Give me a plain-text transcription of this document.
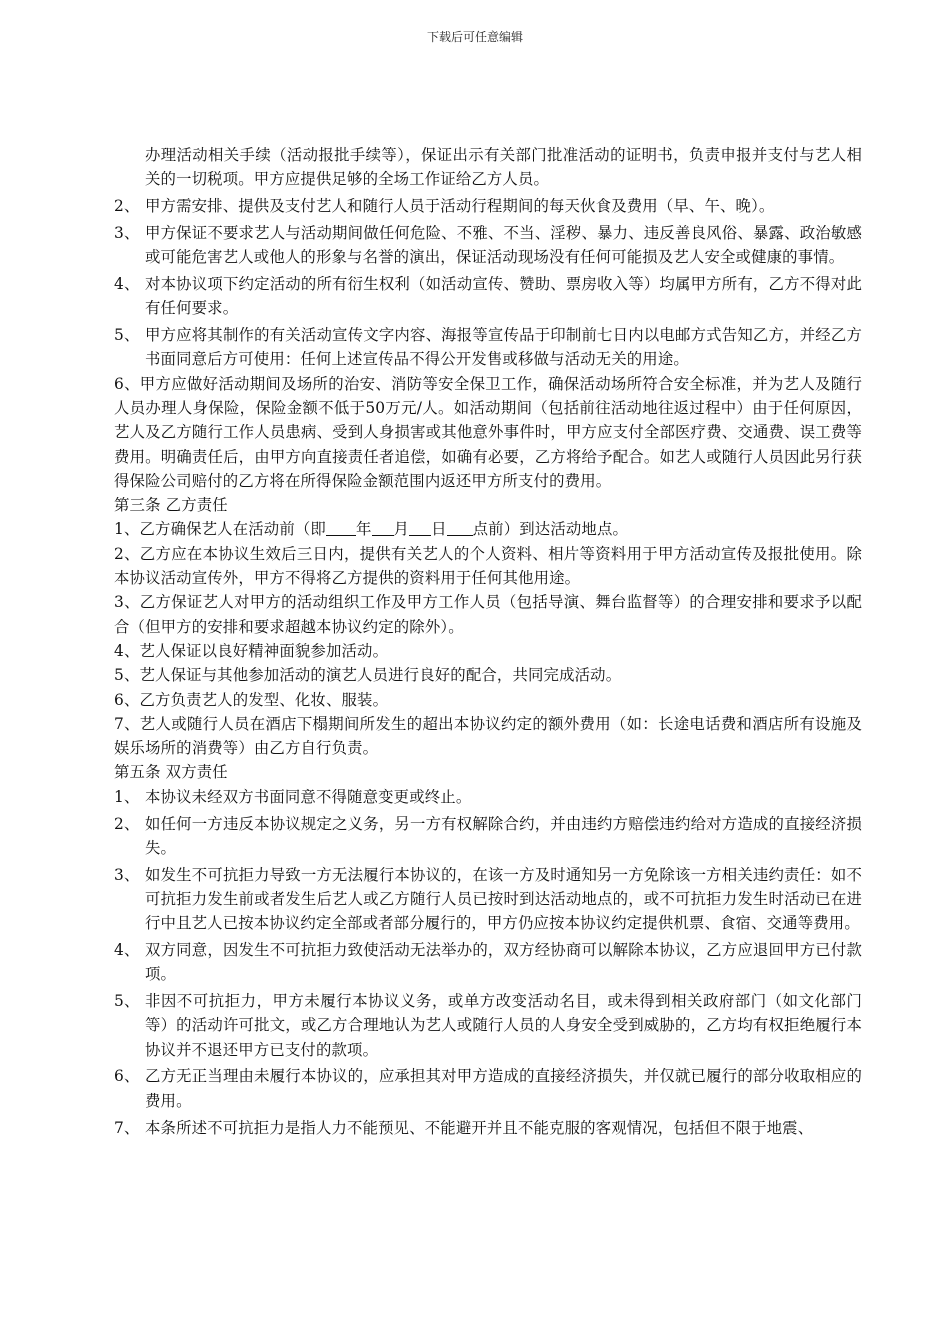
下载后可任意编辑

办理活动相关手续（活动报批手续等），保证出示有关部门批准活动的证明书，负责申报并支付与艺人相关的一切税项。甲方应提供足够的全场工作证给乙方人员。

2、 甲方需安排、提供及支付艺人和随行人员于活动行程期间的每天伙食及费用（早、午、晚）。
3、 甲方保证不要求艺人与活动期间做任何危险、不雅、不当、淫秽、暴力、违反善良风俗、暴露、政治敏感或可能危害艺人或他人的形象与名誉的演出，保证活动现场没有任何可能损及艺人安全或健康的事情。
4、 对本协议项下约定活动的所有衍生权利（如活动宣传、赞助、票房收入等）均属甲方所有，乙方不得对此有任何要求。
5、 甲方应将其制作的有关活动宣传文字内容、海报等宣传品于印制前七日内以电邮方式告知乙方，并经乙方书面同意后方可使用：任何上述宣传品不得公开发售或移做与活动无关的用途。

6、甲方应做好活动期间及场所的治安、消防等安全保卫工作，确保活动场所符合安全标准，并为艺人及随行人员办理人身保险，保险金额不低于50万元/人。如活动期间（包括前往活动地往返过程中）由于任何原因，艺人及乙方随行工作人员患病、受到人身损害或其他意外事件时，甲方应支付全部医疗费、交通费、误工费等费用。明确责任后，由甲方向直接责任者追偿，如确有必要，乙方将给予配合。如艺人或随行人员因此另行获得保险公司赔付的乙方将在所得保险金额范围内返还甲方所支付的费用。

第三条 乙方责任

1、乙方确保艺人在活动前（即 年 月 日 点前）到达活动地点。

2、乙方应在本协议生效后三日内，提供有关艺人的个人资料、相片等资料用于甲方活动宣传及报批使用。除本协议活动宣传外，甲方不得将乙方提供的资料用于任何其他用途。

3、乙方保证艺人对甲方的活动组织工作及甲方工作人员（包括导演、舞台监督等）的合理安排和要求予以配合（但甲方的安排和要求超越本协议约定的除外）。

4、艺人保证以良好精神面貌参加活动。

5、艺人保证与其他参加活动的演艺人员进行良好的配合，共同完成活动。

6、乙方负责艺人的发型、化妆、服装。

7、艺人或随行人员在酒店下榻期间所发生的超出本协议约定的额外费用（如：长途电话费和酒店所有设施及娱乐场所的消费等）由乙方自行负责。

第五条 双方责任

1、 本协议未经双方书面同意不得随意变更或终止。
2、 如任何一方违反本协议规定之义务，另一方有权解除合约，并由违约方赔偿违约给对方造成的直接经济损失。
3、 如发生不可抗拒力导致一方无法履行本协议的，在该一方及时通知另一方免除该一方相关违约责任：如不可抗拒力发生前或者发生后艺人或乙方随行人员已按时到达活动地点的，或不可抗拒力发生时活动已在进行中且艺人已按本协议约定全部或者部分履行的，甲方仍应按本协议约定提供机票、食宿、交通等费用。
4、 双方同意，因发生不可抗拒力致使活动无法举办的，双方经协商可以解除本协议，乙方应退回甲方已付款项。
5、 非因不可抗拒力，甲方未履行本协议义务，或单方改变活动名目，或未得到相关政府部门（如文化部门等）的活动许可批文，或乙方合理地认为艺人或随行人员的人身安全受到威胁的，乙方均有权拒绝履行本协议并不退还甲方已支付的款项。
6、 乙方无正当理由未履行本协议的，应承担其对甲方造成的直接经济损失，并仅就已履行的部分收取相应的费用。
7、 本条所述不可抗拒力是指人力不能预见、不能避开并且不能克服的客观情况，包括但不限于地震、
